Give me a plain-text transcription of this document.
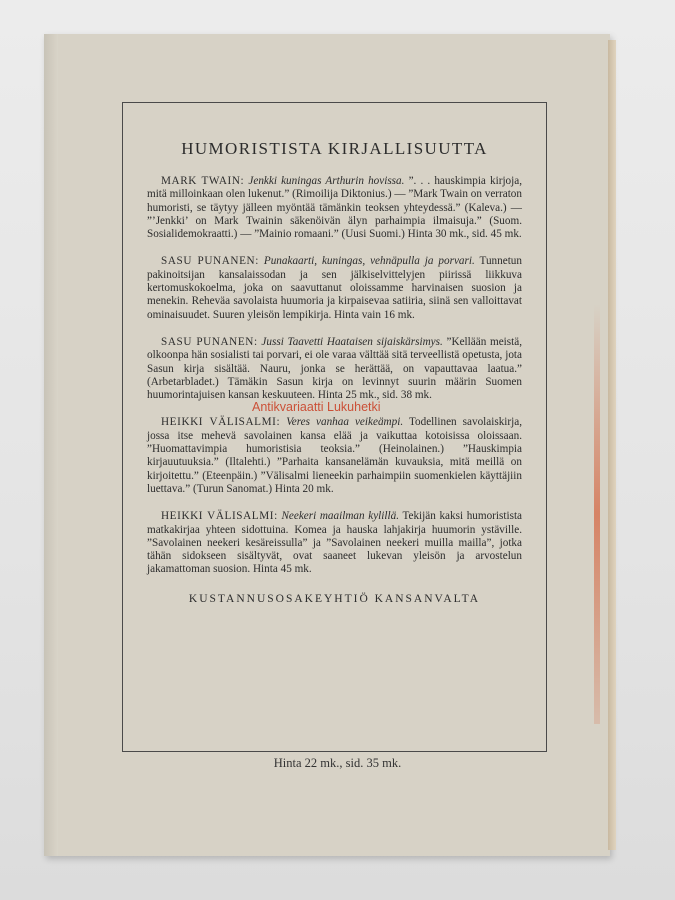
HUMORISTISTA KIRJALLISUUTTA

MARK TWAIN: Jenkki kuningas Arthurin hovissa. ”. . . hauskimpia kirjoja, mitä milloinkaan olen lukenut.” (Rimoilija Diktonius.) — ”Mark Twain on verraton humoristi, se täytyy jälleen myöntää tämänkin teoksen yhteydessä.” (Kaleva.) — ”’Jenkki’ on Mark Twainin säkenöivän älyn parhaimpia ilmaisuja.” (Suom. Sosialidemokraatti.) — ”Mainio romaani.” (Uusi Suomi.) Hinta 30 mk., sid. 45 mk.

SASU PUNANEN: Punakaarti, kuningas, vehnäpulla ja porvari. Tunnetun pakinoitsijan kansalaissodan ja sen jälkiselvittelyjen piirissä liikkuva kertomuskokoelma, joka on saavuttanut oloissamme harvinaisen suosion ja menekin. Reheväa savolaista huumoria ja kirpaisevaa satiiria, siinä sen valloittavat ominaisuudet. Suuren yleisön lempikirja. Hinta vain 16 mk.

SASU PUNANEN: Jussi Taavetti Haataisen sijaiskärsimys. ”Kellään meistä, olkoonpa hän sosialisti tai porvari, ei ole varaa välttää sitä terveellistä opetusta, jota Sasun kirja sisältää. Nauru, jonka se herättää, on vapauttavaa laatua.” (Arbetarbladet.) Tämäkin Sasun kirja on levinnyt suurin määrin Suomen huumorintajuisen kansan keskuuteen. Hinta 25 mk., sid. 38 mk.

HEIKKI VÄLISALMI: Veres vanhaa veikeämpi. Todellinen savolaiskirja, jossa itse mehevä savolainen kansa elää ja vaikuttaa kotoisissa oloissaan. ”Huomattavimpia humoristisia teoksia.” (Heinolainen.) ”Hauskimpia kirjauutuuksia.” (Iltalehti.) ”Parhaita kansanelämän kuvauksia, mitä meillä on kirjoitettu.” (Eteenpäin.) ”Välisalmi lieneekin parhaimpiin suomenkielen käyttäjiin luettava.” (Turun Sanomat.) Hinta 20 mk.

HEIKKI VÄLISALMI: Neekeri maailman kylillä. Tekijän kaksi humoristista matkakirjaa yhteen sidottuina. Komea ja hauska lahjakirja huumorin ystäville. ”Savolainen neekeri kesäreissulla” ja ”Savolainen neekeri muilla mailla”, jotka tähän sidokseen sisältyvät, ovat saaneet lukevan yleisön ja arvostelun jakamattoman suosion. Hinta 45 mk.

KUSTANNUSOSAKEYHTIÖ KANSANVALTA
Antikvariaatti Lukuhetki
Hinta 22 mk., sid. 35 mk.
